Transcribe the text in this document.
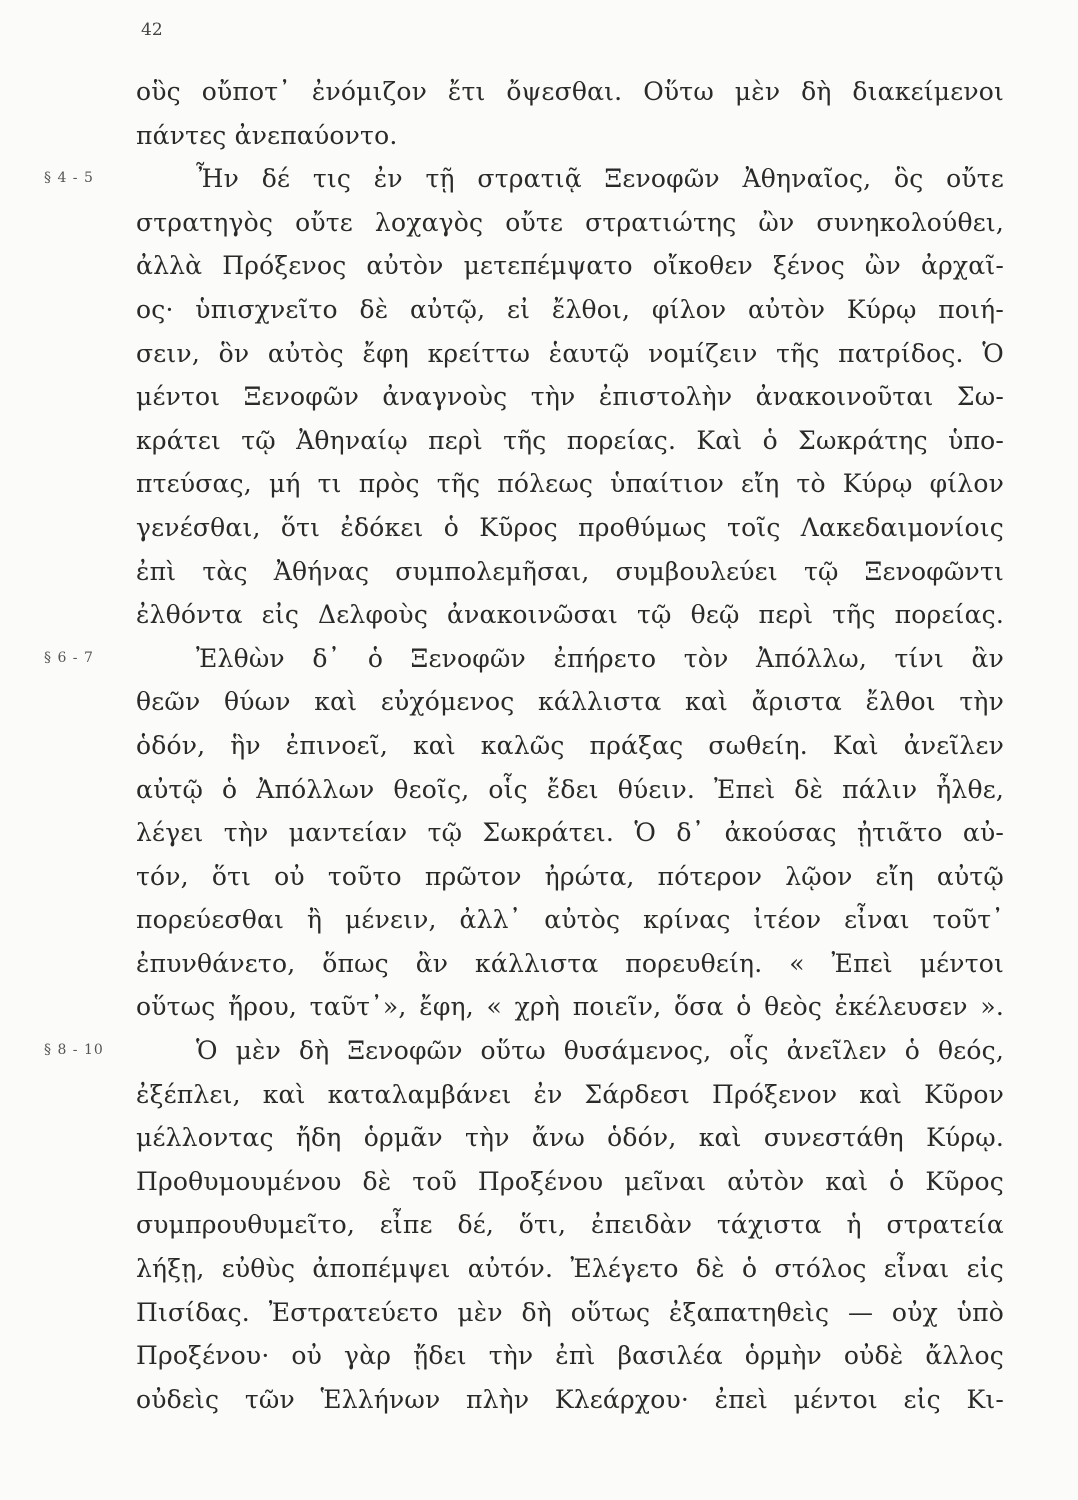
42
οὓς οὔποτ᾽ ἐνόμιζον ἔτι ὄψεσθαι. Οὕτω μὲν δὴ διακείμενοι
πάντες ἀνεπαύοντο.
§ 4 - 5	Ἦν δέ τις ἐν τῇ στρατιᾷ Ξενοφῶν Ἀθηναῖος, ὃς οὔτε
στρατηγὸς οὔτε λοχαγὸς οὔτε στρατιώτης ὢν συνηκολούθει,
ἀλλὰ Πρόξενος αὐτὸν μετεπέμψατο οἴκοθεν ξένος ὢν ἀρχαῖ-
ος· ὑπισχνεῖτο δὲ αὐτῷ, εἰ ἔλθοι, φίλον αὐτὸν Κύρῳ ποιή-
σειν, ὃν αὐτὸς ἔφη κρείττω ἑαυτῷ νομίζειν τῆς πατρίδος. Ὁ
μέντοι Ξενοφῶν ἀναγνοὺς τὴν ἐπιστολὴν ἀνακοινοῦται Σω-
κράτει τῷ Ἀθηναίῳ περὶ τῆς πορείας. Καὶ ὁ Σωκράτης ὑπο-
πτεύσας, μή τι πρὸς τῆς πόλεως ὑπαίτιον εἴη τὸ Κύρῳ φίλον
γενέσθαι, ὅτι ἐδόκει ὁ Κῦρος προθύμως τοῖς Λακεδαιμονίοις
ἐπὶ τὰς Ἀθήνας συμπολεμῆσαι, συμβουλεύει τῷ Ξενοφῶντι
ἐλθόντα εἰς Δελφοὺς ἀνακοινῶσαι τῷ θεῷ περὶ τῆς πορείας.
§ 6 - 7	Ἐλθὼν δ᾽ ὁ Ξενοφῶν ἐπήρετο τὸν Ἀπόλλω, τίνι ἂν
θεῶν θύων καὶ εὐχόμενος κάλλιστα καὶ ἄριστα ἔλθοι τὴν
ὁδόν, ἣν ἐπινοεῖ, καὶ καλῶς πράξας σωθείη. Καὶ ἀνεῖλεν
αὐτῷ ὁ Ἀπόλλων θεοῖς, οἷς ἔδει θύειν. Ἐπεὶ δὲ πάλιν ἦλθε,
λέγει τὴν μαντείαν τῷ Σωκράτει. Ὁ δ᾽ ἀκούσας ᾐτιᾶτο αὐ-
τόν, ὅτι οὐ τοῦτο πρῶτον ἠρώτα, πότερον λῷον εἴη αὐτῷ
πορεύεσθαι ἢ μένειν, ἀλλ᾽ αὐτὸς κρίνας ἰτέον εἶναι τοῦτ᾽
ἐπυνθάνετο, ὅπως ἂν κάλλιστα πορευθείη. « Ἐπεὶ μέντοι
οὕτως ἤρου, ταῦτ᾽», ἔφη, « χρὴ ποιεῖν, ὅσα ὁ θεὸς ἐκέλευσεν ».
§ 8 - 10	Ὁ μὲν δὴ Ξενοφῶν οὕτω θυσάμενος, οἷς ἀνεῖλεν ὁ θεός,
ἐξέπλει, καὶ καταλαμβάνει ἐν Σάρδεσι Πρόξενον καὶ Κῦρον
μέλλοντας ἤδη ὁρμᾶν τὴν ἄνω ὁδόν, καὶ συνεστάθη Κύρῳ.
Προθυμουμένου δὲ τοῦ Προξένου μεῖναι αὐτὸν καὶ ὁ Κῦρος
συμπρουθυμεῖτο, εἶπε δέ, ὅτι, ἐπειδὰν τάχιστα ἡ στρατεία
λήξῃ, εὐθὺς ἀποπέμψει αὐτόν. Ἐλέγετο δὲ ὁ στόλος εἶναι εἰς
Πισίδας. Ἐστρατεύετο μὲν δὴ οὕτως ἐξαπατηθεὶς — οὐχ ὑπὸ
Προξένου· οὐ γὰρ ᾔδει τὴν ἐπὶ βασιλέα ὁρμὴν οὐδὲ ἄλλος
οὐδεὶς τῶν Ἑλλήνων πλὴν Κλεάρχου· ἐπεὶ μέντοι εἰς Κι-
